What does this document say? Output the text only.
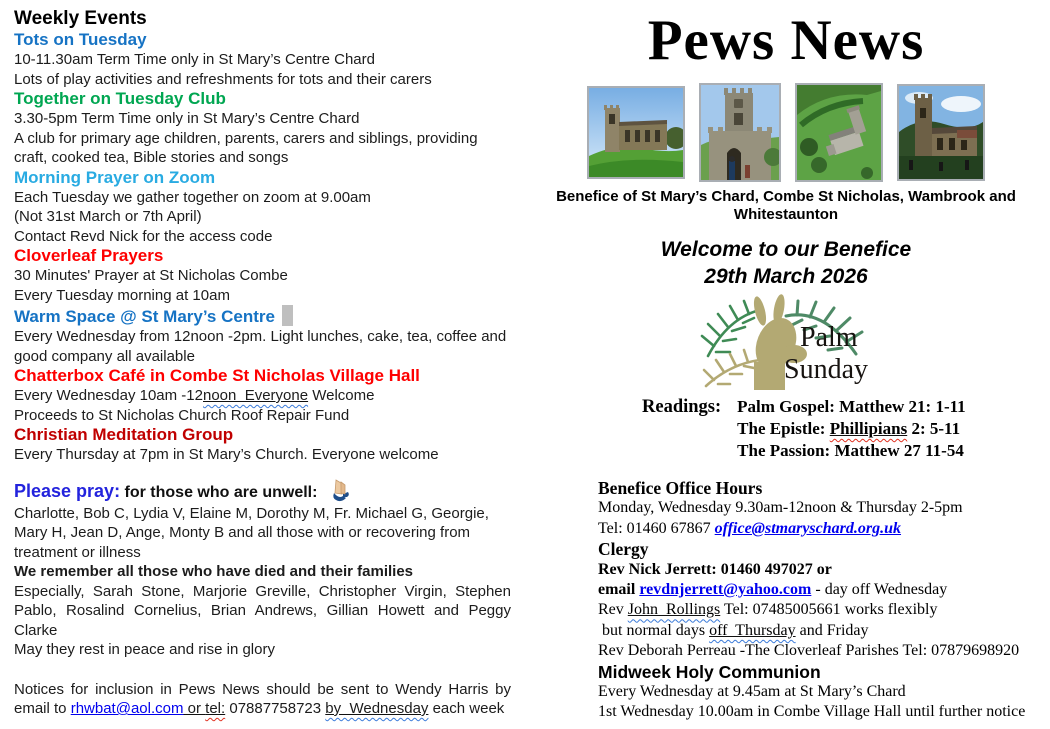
Weekly Events
Tots on Tuesday
10-11.30am Term Time only in St Mary’s Centre Chard
Lots of play activities and refreshments for tots and their carers
Together on Tuesday Club
3.30-5pm Term Time only in St Mary’s Centre Chard
A club for primary age children, parents, carers and siblings, providing craft, cooked tea, Bible stories and songs
Morning Prayer on Zoom
Each Tuesday we gather together on zoom at 9.00am
(Not 31st March or 7th April)
Contact Revd Nick for the access code
Cloverleaf Prayers
30 Minutes' Prayer at St Nicholas Combe
Every Tuesday morning at 10am
Warm Space @ St Mary’s Centre
Every Wednesday from 12noon -2pm. Light lunches, cake, tea, coffee and good company all available
Chatterbox Café in Combe St Nicholas Village Hall
Every Wednesday 10am -12noon  Everyone Welcome
Proceeds to St Nicholas Church Roof Repair Fund
Christian Meditation Group
Every Thursday at 7pm in St Mary’s Church. Everyone welcome
Please pray: for those who are unwell:
Charlotte, Bob C, Lydia V, Elaine M, Dorothy M, Fr. Michael G, Georgie, Mary H, Jean D, Ange, Monty B and all those with or recovering from treatment or illness
We remember all those who have died and their families
Especially, Sarah Stone, Marjorie Greville, Christopher Virgin, Stephen Pablo, Rosalind Cornelius, Brian Andrews, Gillian Howett and Peggy Clarke
May they rest in peace and rise in glory
Notices for inclusion in Pews News should be sent to Wendy Harris by email to rhwbat@aol.com or tel: 07887758723 by  Wednesday each week
Pews News
Benefice of St Mary’s Chard, Combe St Nicholas, Wambrook and Whitestaunton
Welcome to our Benefice
29th March 2026
Palm
Sunday
Readings: Palm Gospel: Matthew 21: 1-11
The Epistle: Phillipians 2: 5-11
The Passion: Matthew 27 11-54
Benefice Office Hours
Monday, Wednesday 9.30am-12noon & Thursday 2-5pm
Tel: 01460 67867 office@stmaryschard.org.uk
Clergy
Rev Nick Jerrett: 01460 497027 or
email revdnjerrett@yahoo.com - day off Wednesday
Rev John  Rollings Tel: 07485005661 works flexibly
but normal days off  Thursday and Friday
Rev Deborah Perreau -The Cloverleaf Parishes Tel: 07879698920
Midweek Holy Communion
Every Wednesday at 9.45am at St Mary’s Chard
1st Wednesday 10.00am in Combe Village Hall until further notice
